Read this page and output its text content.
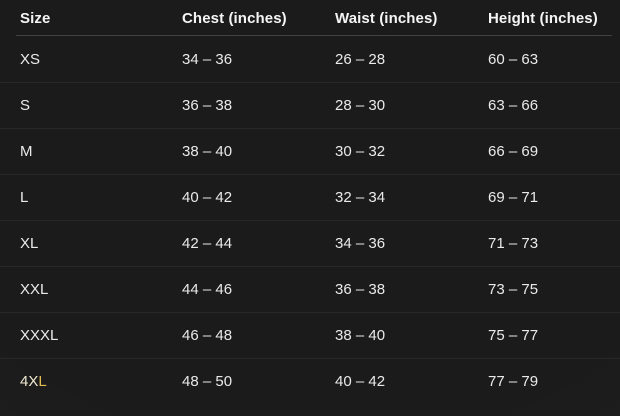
Size	Chest (inches)	Waist (inches)	Height (inches)
XS	34 – 36	26 – 28	60 – 63
S	36 – 38	28 – 30	63 – 66
M	38 – 40	30 – 32	66 – 69
L	40 – 42	32 – 34	69 – 71
XL	42 – 44	34 – 36	71 – 73
XXL	44 – 46	36 – 38	73 – 75
XXXL	46 – 48	38 – 40	75 – 77
4XL	48 – 50	40 – 42	77 – 79
